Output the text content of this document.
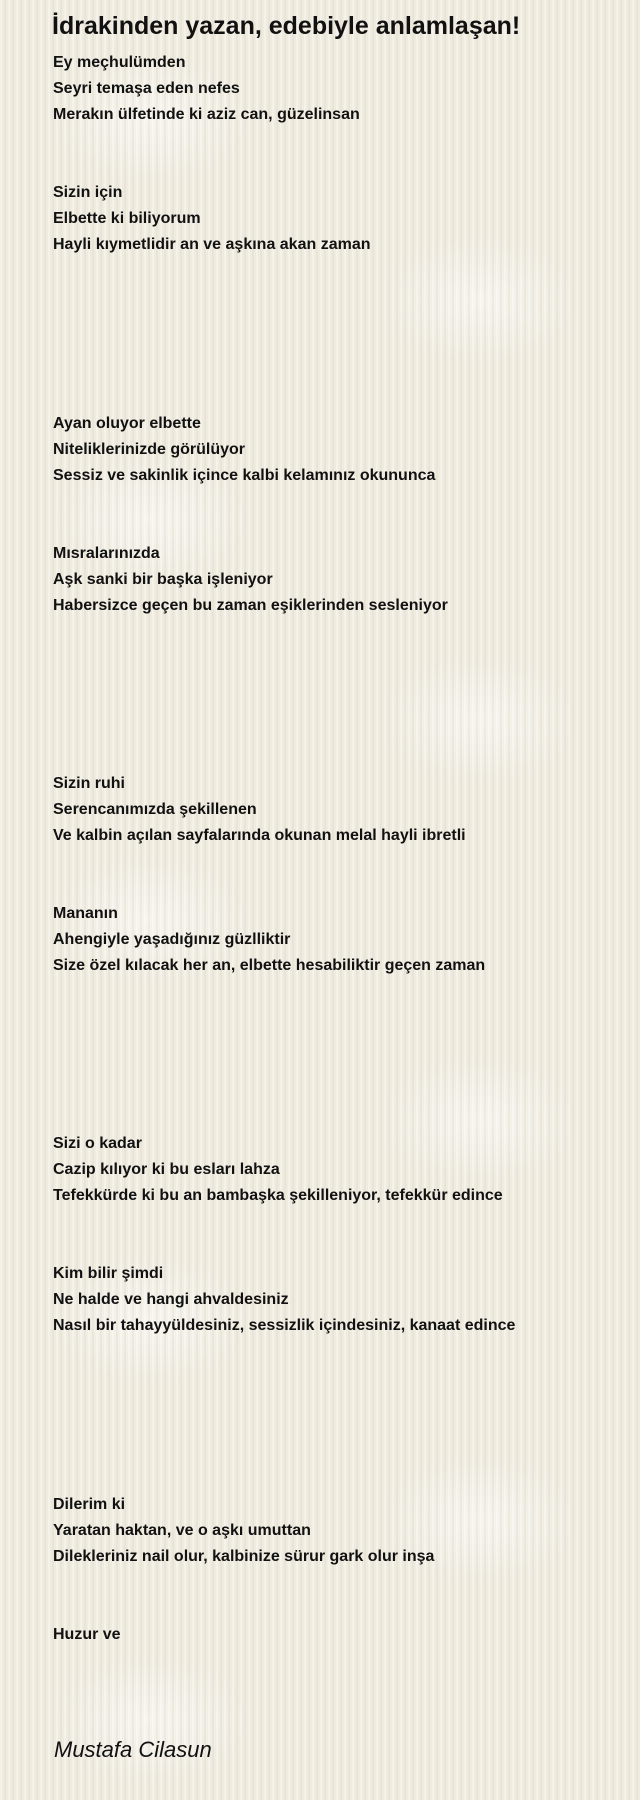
İdrakinden yazan, edebiyle anlamlaşan!
Ey meçhulümden
Seyri temaşa eden nefes
Merakın ülfetinde ki aziz can, güzelinsan
Sizin için
Elbette ki biliyorum
Hayli kıymetlidir an ve aşkına akan zaman
Ayan oluyor elbette
Niteliklerinizde görülüyor
Sessiz ve sakinlik içince kalbi kelamınız okununca
Mısralarınızda
Aşk sanki bir başka işleniyor
Habersizce geçen bu zaman eşiklerinden sesleniyor
Sizin ruhi
Serencanımızda şekillenen
Ve kalbin açılan sayfalarında okunan melal hayli ibretli
Mananın
Ahengiyle yaşadığınız güzlliktir
Size özel kılacak her an, elbette hesabiliktir geçen zaman
Sizi o kadar
Cazip kılıyor ki bu esları lahza
Tefekkürde ki bu an bambaşka şekilleniyor, tefekkür edince
Kim bilir şimdi
Ne halde ve hangi ahvaldesiniz
Nasıl bir tahayyüldesiniz, sessizlik içindesiniz, kanaat edince
Dilerim ki
Yaratan haktan, ve o aşkı umuttan
Dilekleriniz nail olur, kalbinize sürur gark olur inşa
Huzur ve
Mustafa Cilasun
